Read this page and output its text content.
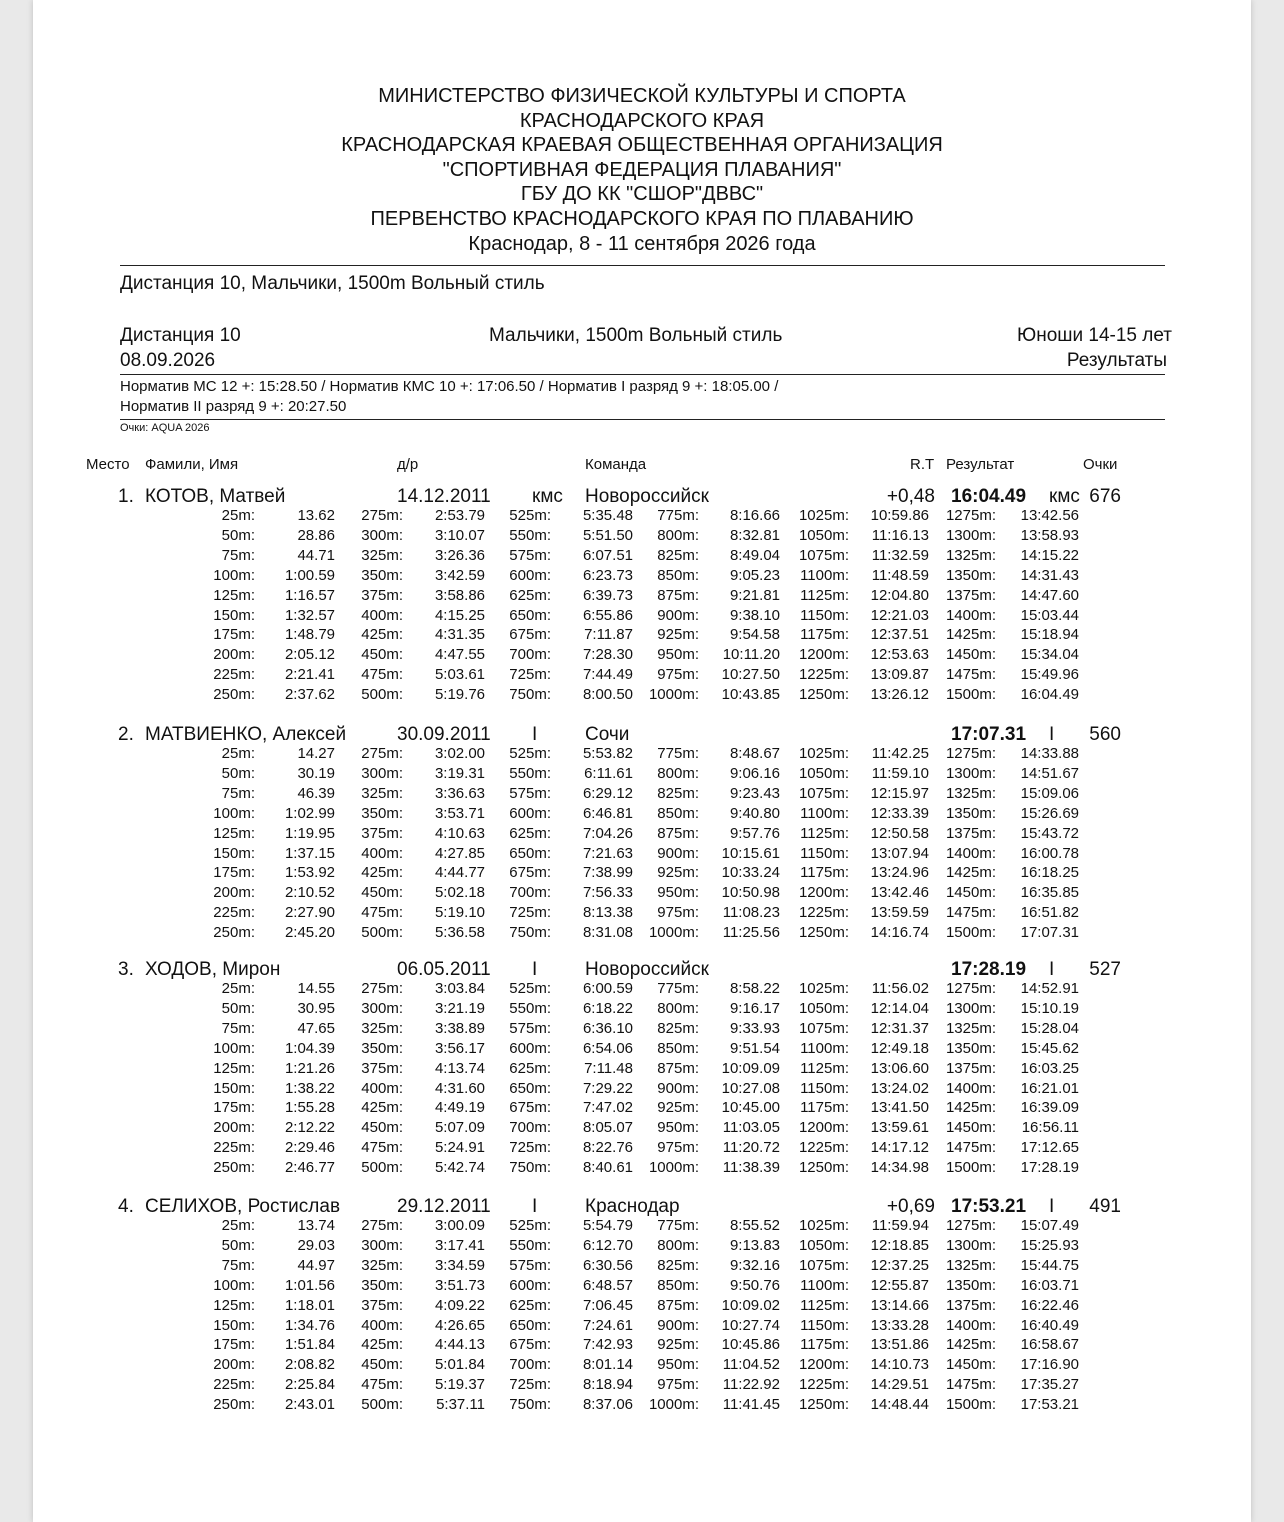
МИНИСТЕРСТВО ФИЗИЧЕСКОЙ КУЛЬТУРЫ И СПОРТА
КРАСНОДАРСКОГО КРАЯ
КРАСНОДАРСКАЯ КРАЕВАЯ ОБЩЕСТВЕННАЯ ОРГАНИЗАЦИЯ
"СПОРТИВНАЯ ФЕДЕРАЦИЯ ПЛАВАНИЯ"
ГБУ ДО КК "СШОР"ДВВС"
ПЕРВЕНСТВО КРАСНОДАРСКОГО КРАЯ ПО ПЛАВАНИЮ
Краснодар, 8 - 11 сентября 2026 года
Дистанция 10, Мальчики, 1500m Вольный стиль
Дистанция 10	Мальчики, 1500m Вольный стиль	Юноши 14-15 лет
08.09.2026	Результаты
Норматив МС 12 +: 15:28.50 / Норматив КМС 10 +: 17:06.50 / Норматив I разряд 9 +: 18:05.00 /
Норматив II разряд 9 +: 20:27.50
Очки: AQUA 2026
Место Фамили, Имя	д/р	Команда	R.T Результат	Очки
1. КОТОВ, Матвей	14.12.2011 кмс Новороссийск	+0,48 16:04.49 кмс 676
25m:	13.62 275m: 2:53.79 525m: 5:35.48 775m: 8:16.66 1025m: 10:59.86 1275m: 13:42.56
50m:	28.86 300m: 3:10.07 550m: 5:51.50 800m: 8:32.81 1050m: 11:16.13 1300m: 13:58.93
75m:	44.71 325m: 3:26.36 575m: 6:07.51 825m: 8:49.04 1075m: 11:32.59 1325m: 14:15.22
100m: 1:00.59 350m: 3:42.59 600m: 6:23.73 850m: 9:05.23 1100m: 11:48.59 1350m: 14:31.43
125m: 1:16.57 375m: 3:58.86 625m: 6:39.73 875m: 9:21.81 1125m: 12:04.80 1375m: 14:47.60
150m: 1:32.57 400m: 4:15.25 650m: 6:55.86 900m: 9:38.10 1150m: 12:21.03 1400m: 15:03.44
175m: 1:48.79 425m: 4:31.35 675m: 7:11.87 925m: 9:54.58 1175m: 12:37.51 1425m: 15:18.94
200m: 2:05.12 450m: 4:47.55 700m: 7:28.30 950m: 10:11.20 1200m: 12:53.63 1450m: 15:34.04
225m: 2:21.41 475m: 5:03.61 725m: 7:44.49 975m: 10:27.50 1225m: 13:09.87 1475m: 15:49.96
250m: 2:37.62 500m: 5:19.76 750m: 8:00.50 1000m: 10:43.85 1250m: 13:26.12 1500m: 16:04.49
2. МАТВИЕНКО, Алексей	30.09.2011 I	Сочи	17:07.31 I 560
25m:	14.27 275m: 3:02.00 525m: 5:53.82 775m: 8:48.67 1025m: 11:42.25 1275m: 14:33.88
50m:	30.19 300m: 3:19.31 550m: 6:11.61 800m: 9:06.16 1050m: 11:59.10 1300m: 14:51.67
75m:	46.39 325m: 3:36.63 575m: 6:29.12 825m: 9:23.43 1075m: 12:15.97 1325m: 15:09.06
100m: 1:02.99 350m: 3:53.71 600m: 6:46.81 850m: 9:40.80 1100m: 12:33.39 1350m: 15:26.69
125m: 1:19.95 375m: 4:10.63 625m: 7:04.26 875m: 9:57.76 1125m: 12:50.58 1375m: 15:43.72
150m: 1:37.15 400m: 4:27.85 650m: 7:21.63 900m: 10:15.61 1150m: 13:07.94 1400m: 16:00.78
175m: 1:53.92 425m: 4:44.77 675m: 7:38.99 925m: 10:33.24 1175m: 13:24.96 1425m: 16:18.25
200m: 2:10.52 450m: 5:02.18 700m: 7:56.33 950m: 10:50.98 1200m: 13:42.46 1450m: 16:35.85
225m: 2:27.90 475m: 5:19.10 725m: 8:13.38 975m: 11:08.23 1225m: 13:59.59 1475m: 16:51.82
250m: 2:45.20 500m: 5:36.58 750m: 8:31.08 1000m: 11:25.56 1250m: 14:16.74 1500m: 17:07.31
3. ХОДОВ, Мирон	06.05.2011 I	Новороссийск	17:28.19 I 527
25m:	14.55 275m: 3:03.84 525m: 6:00.59 775m: 8:58.22 1025m: 11:56.02 1275m: 14:52.91
50m:	30.95 300m: 3:21.19 550m: 6:18.22 800m: 9:16.17 1050m: 12:14.04 1300m: 15:10.19
75m:	47.65 325m: 3:38.89 575m: 6:36.10 825m: 9:33.93 1075m: 12:31.37 1325m: 15:28.04
100m: 1:04.39 350m: 3:56.17 600m: 6:54.06 850m: 9:51.54 1100m: 12:49.18 1350m: 15:45.62
125m: 1:21.26 375m: 4:13.74 625m: 7:11.48 875m: 10:09.09 1125m: 13:06.60 1375m: 16:03.25
150m: 1:38.22 400m: 4:31.60 650m: 7:29.22 900m: 10:27.08 1150m: 13:24.02 1400m: 16:21.01
175m: 1:55.28 425m: 4:49.19 675m: 7:47.02 925m: 10:45.00 1175m: 13:41.50 1425m: 16:39.09
200m: 2:12.22 450m: 5:07.09 700m: 8:05.07 950m: 11:03.05 1200m: 13:59.61 1450m: 16:56.11
225m: 2:29.46 475m: 5:24.91 725m: 8:22.76 975m: 11:20.72 1225m: 14:17.12 1475m: 17:12.65
250m: 2:46.77 500m: 5:42.74 750m: 8:40.61 1000m: 11:38.39 1250m: 14:34.98 1500m: 17:28.19
4. СЕЛИХОВ, Ростислав	29.12.2011 I	Краснодар	+0,69 17:53.21 I 491
25m:	13.74 275m: 3:00.09 525m: 5:54.79 775m: 8:55.52 1025m: 11:59.94 1275m: 15:07.49
50m:	29.03 300m: 3:17.41 550m: 6:12.70 800m: 9:13.83 1050m: 12:18.85 1300m: 15:25.93
75m:	44.97 325m: 3:34.59 575m: 6:30.56 825m: 9:32.16 1075m: 12:37.25 1325m: 15:44.75
100m: 1:01.56 350m: 3:51.73 600m: 6:48.57 850m: 9:50.76 1100m: 12:55.87 1350m: 16:03.71
125m: 1:18.01 375m: 4:09.22 625m: 7:06.45 875m: 10:09.02 1125m: 13:14.66 1375m: 16:22.46
150m: 1:34.76 400m: 4:26.65 650m: 7:24.61 900m: 10:27.74 1150m: 13:33.28 1400m: 16:40.49
175m: 1:51.84 425m: 4:44.13 675m: 7:42.93 925m: 10:45.86 1175m: 13:51.86 1425m: 16:58.67
200m: 2:08.82 450m: 5:01.84 700m: 8:01.14 950m: 11:04.52 1200m: 14:10.73 1450m: 17:16.90
225m: 2:25.84 475m: 5:19.37 725m: 8:18.94 975m: 11:22.92 1225m: 14:29.51 1475m: 17:35.27
250m: 2:43.01 500m: 5:37.11 750m: 8:37.06 1000m: 11:41.45 1250m: 14:48.44 1500m: 17:53.21
